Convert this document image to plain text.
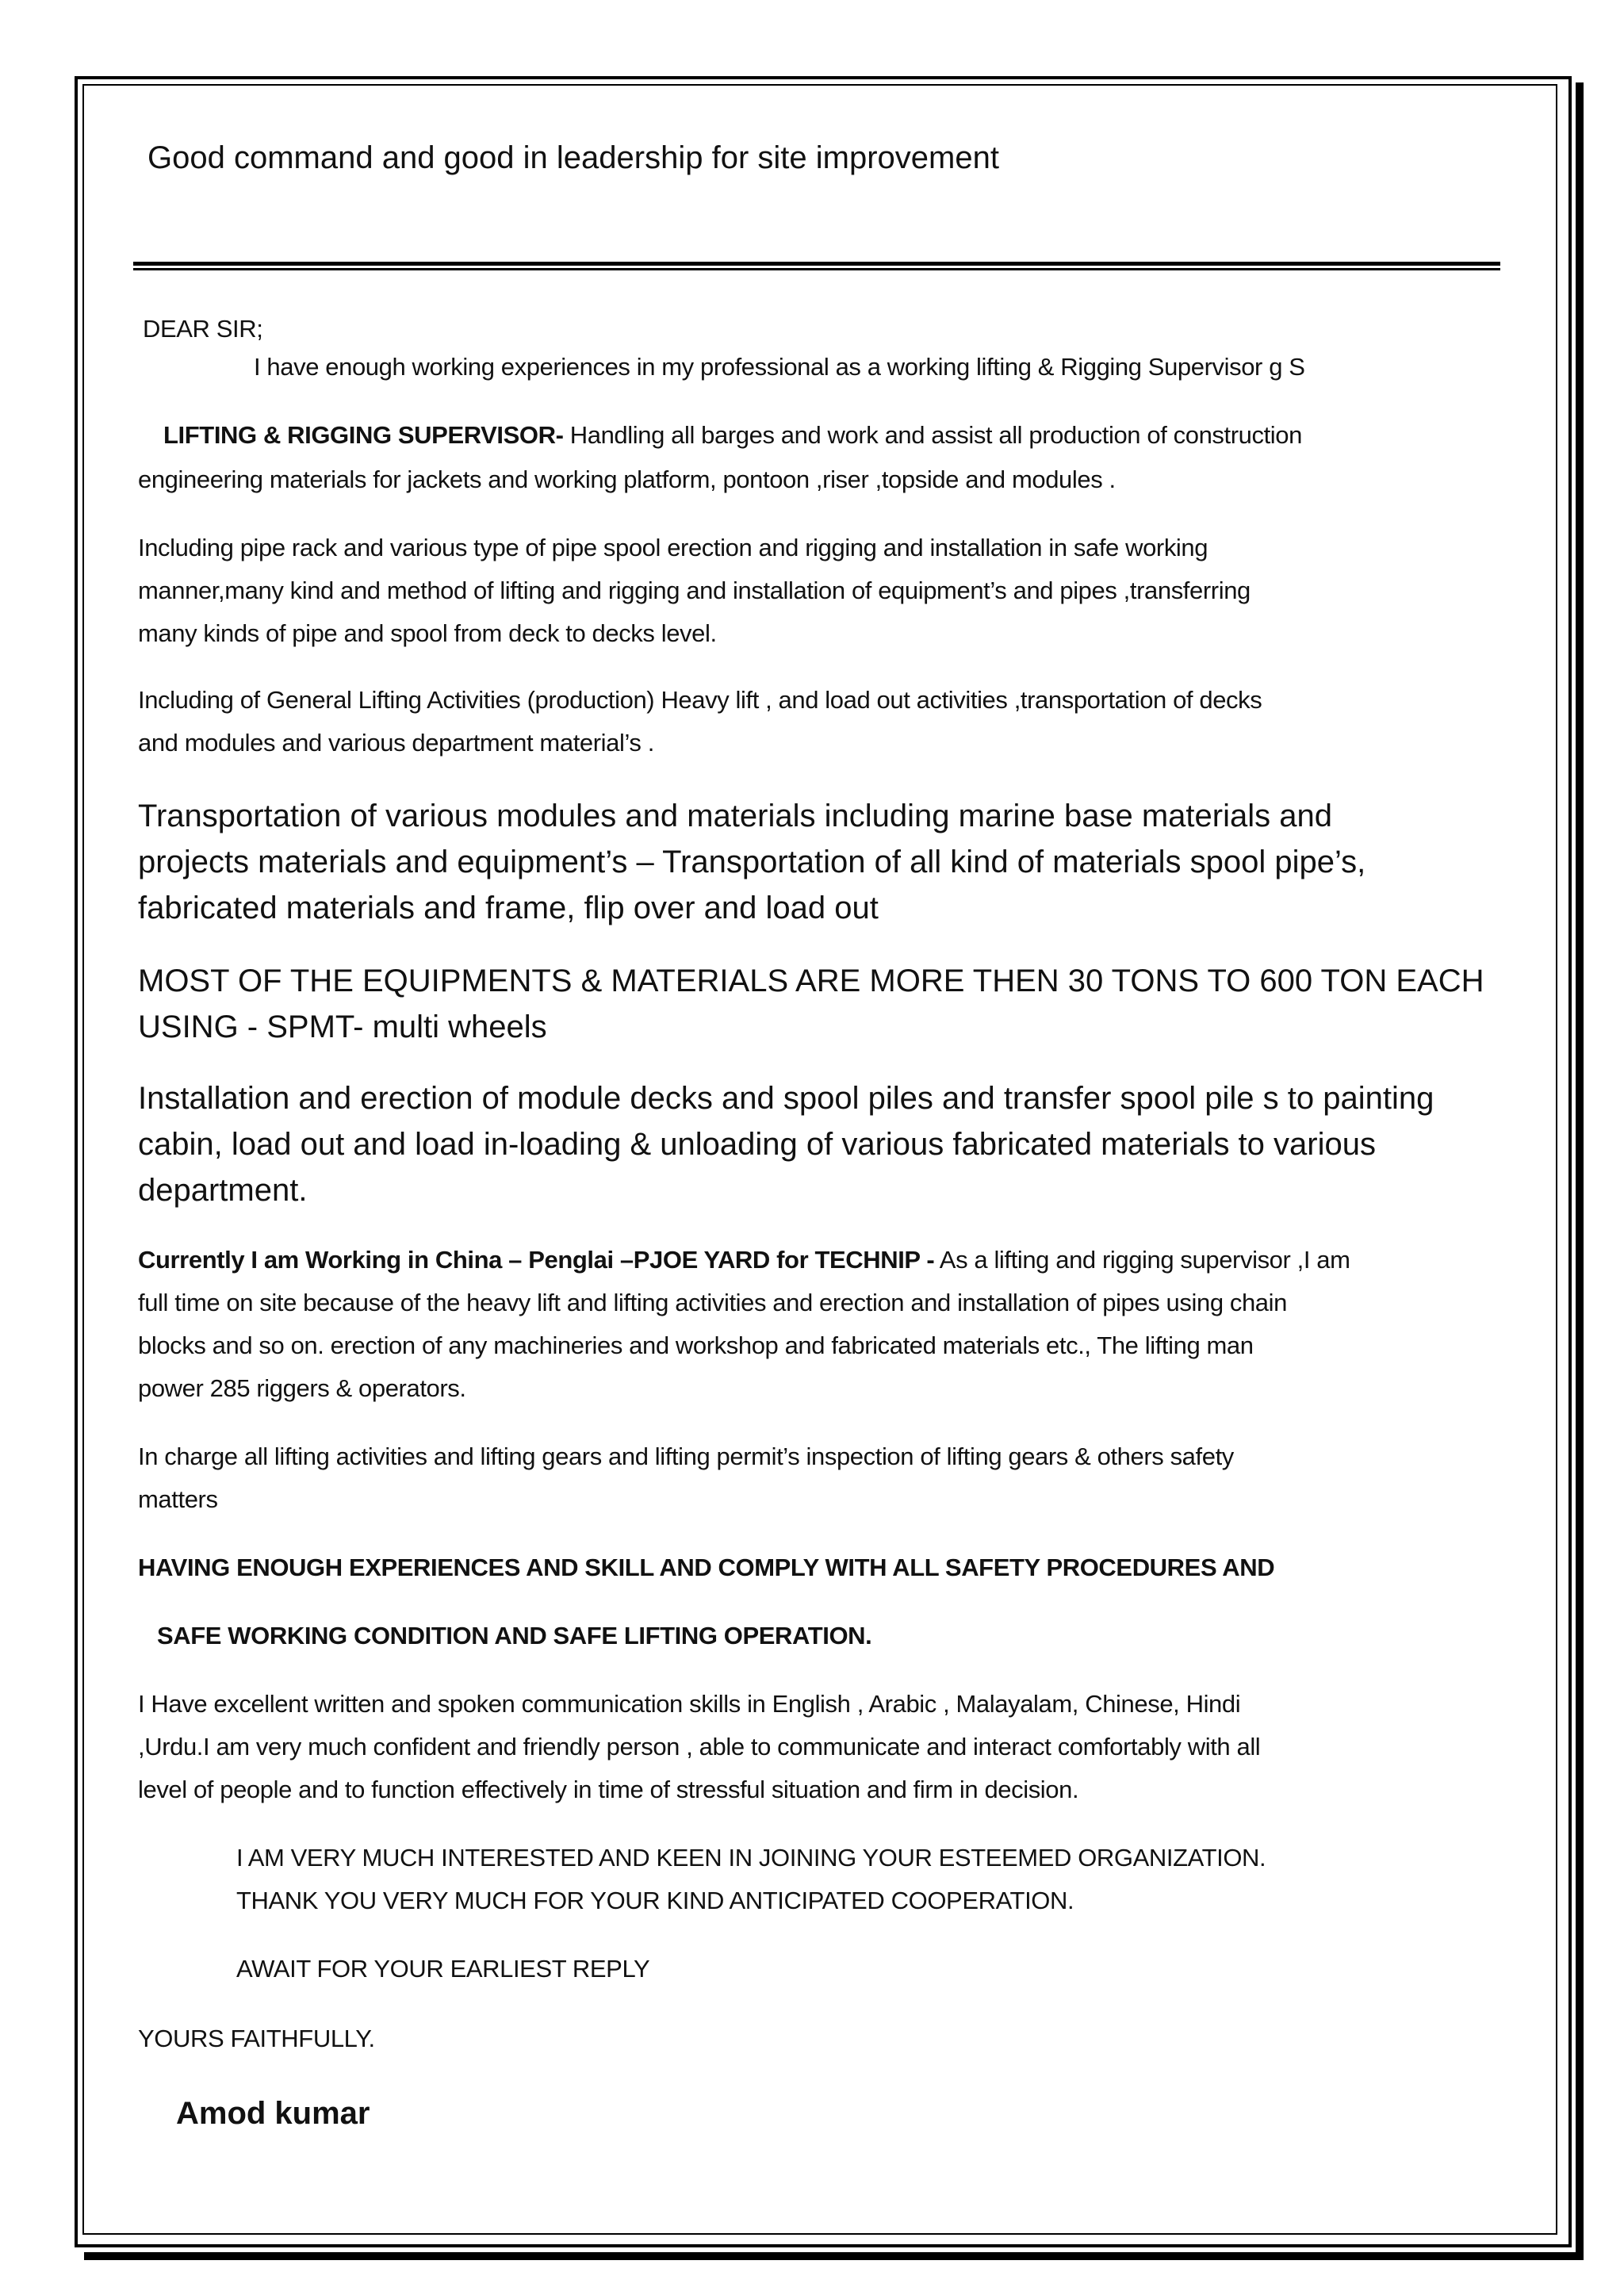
Good command and good in leadership for site improvement
DEAR SIR;
I have enough working experiences in my professional as a working lifting & Rigging Supervisor g S
LIFTING & RIGGING SUPERVISOR- Handling all barges and work and assist all production of construction
engineering materials for jackets and working platform, pontoon ,riser ,topside and modules .
Including pipe rack and various type of pipe spool erection and rigging and installation in safe working
manner,many kind and method of lifting and rigging and installation of equipment’s and pipes ,transferring
many kinds of pipe and spool from deck to decks level.
Including of General Lifting Activities (production) Heavy lift , and load out activities ,transportation of decks
and modules and various department material’s .
Transportation of various modules and materials including marine base materials and
projects materials and equipment’s – Transportation of all kind of materials spool pipe’s,
fabricated materials and frame, flip over and load out
MOST OF THE EQUIPMENTS & MATERIALS ARE MORE THEN 30 TONS TO 600 TON EACH
USING - SPMT- multi wheels
Installation and erection of module decks and spool piles and transfer spool pile s to painting
cabin, load out and load in-loading & unloading of various fabricated materials to various
department.
Currently I am Working in China – Penglai –PJOE YARD for TECHNIP - As a lifting and rigging supervisor ,I am
full time on site because of the heavy lift and lifting activities and erection and installation of pipes using chain
blocks and so on. erection of any machineries and workshop and fabricated materials etc., The lifting man
power 285 riggers & operators.
In charge all lifting activities and lifting gears and lifting permit’s inspection of lifting gears & others safety
matters
HAVING ENOUGH EXPERIENCES AND SKILL AND COMPLY WITH ALL SAFETY PROCEDURES AND
SAFE WORKING CONDITION AND SAFE LIFTING OPERATION.
I Have excellent written and spoken communication skills in English , Arabic , Malayalam, Chinese, Hindi
,Urdu.I am very much confident and friendly person , able to communicate and interact comfortably with all
level of people and to function effectively in time of stressful situation and firm in decision.
I AM VERY MUCH INTERESTED AND KEEN IN JOINING YOUR ESTEEMED ORGANIZATION.
THANK YOU VERY MUCH FOR YOUR KIND ANTICIPATED COOPERATION.
AWAIT FOR YOUR EARLIEST REPLY
YOURS FAITHFULLY.
Amod kumar
